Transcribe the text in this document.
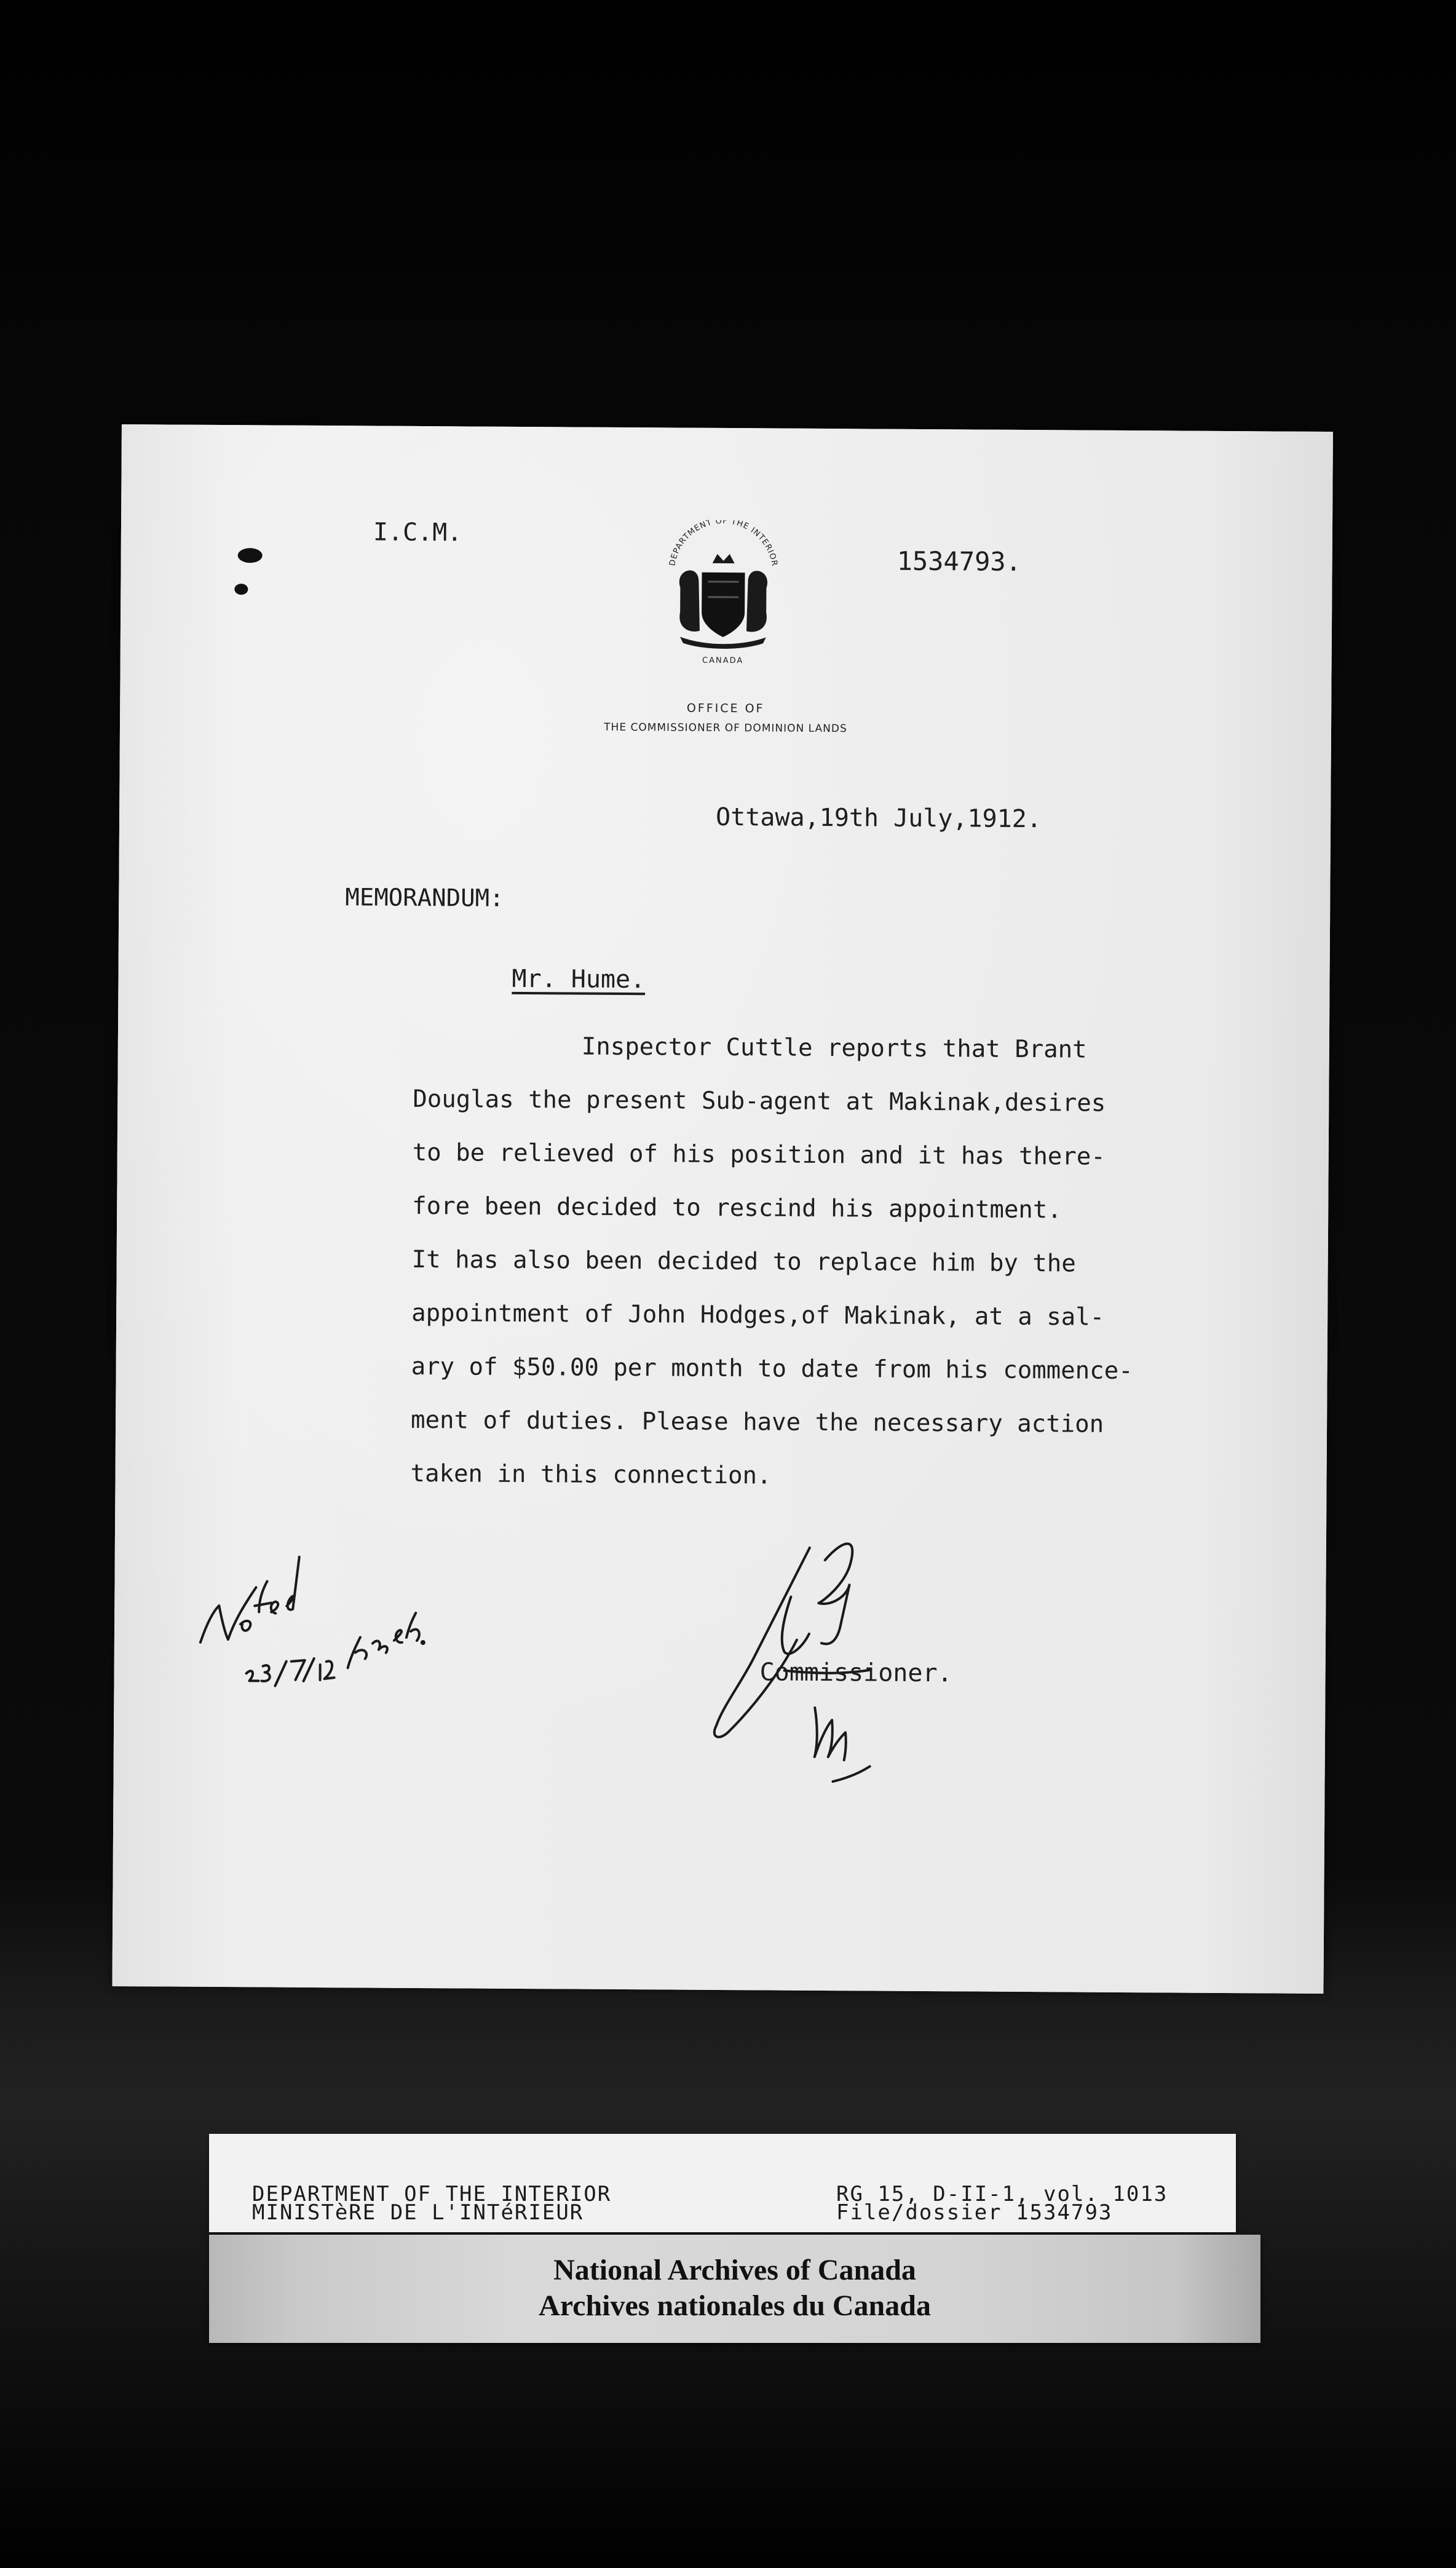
I.C.M.
DEPARTMENT OF THE INTERIOR
CANADA
1534793.
OFFICE OF
THE COMMISSIONER OF DOMINION LANDS
Ottawa,19th July,1912.
MEMORANDUM:
Mr. Hume.
Inspector Cuttle reports that Brant
Douglas the present Sub-agent at Makinak,desires
to be relieved of his position and it has there-
fore been decided to rescind his appointment.
It has also been decided to replace him by the
appointment of John Hodges,of Makinak, at a sal-
ary of $50.00 per month to date from his commence-
ment of duties. Please have the necessary action
taken in this connection.
Commissioner.
DEPARTMENT OF THE INTERIOR
MINISTèRE DE L'INTéRIEUR
RG 15, D-II-1, vol. 1013
File/dossier 1534793
National Archives of Canada
Archives nationales du Canada
